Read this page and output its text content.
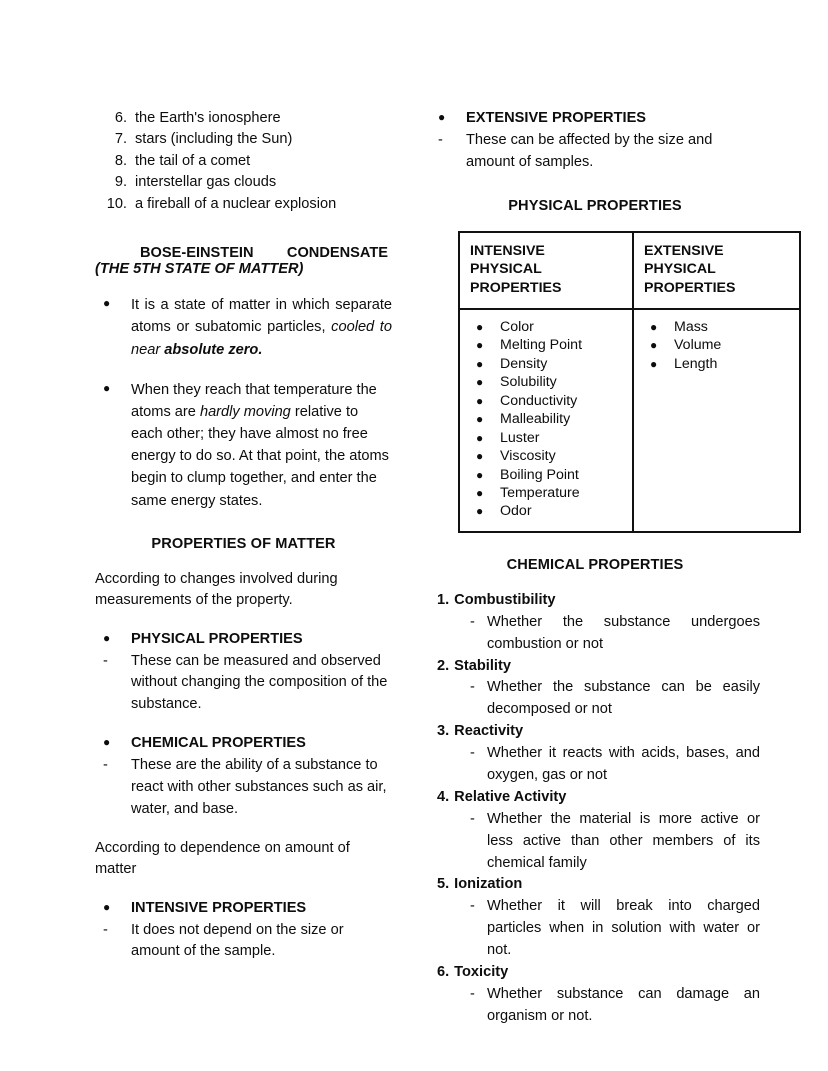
6. the Earth's ionosphere
7. stars (including the Sun)
8. the tail of a comet
9. interstellar gas clouds
10. a fireball of a nuclear explosion
BOSE-EINSTEIN CONDENSATE

(THE 5TH STATE OF MATTER)

●	It is a state of matter in which separate atoms or subatomic particles, cooled to near absolute zero.
●	When they reach that temperature the atoms are hardly moving relative to each other; they have almost no free energy to do so. At that point, the atoms begin to clump together, and enter the same energy states.

PROPERTIES OF MATTER

According to changes involved during measurements of the property.

●	PHYSICAL PROPERTIES
-	These can be measured and observed without changing the composition of the substance.
●	CHEMICAL PROPERTIES
-	These are the ability of a substance to react with other substances such as air, water, and base.

According to dependence on amount of matter

●	INTENSIVE PROPERTIES
-	It does not depend on the size or amount of the sample.
●	EXTENSIVE PROPERTIES
-	These can be affected by the size and amount of samples.

PHYSICAL PROPERTIES

INTENSIVE
PHYSICAL
PROPERTIES

EXTENSIVE
PHYSICAL
PROPERTIES

●	Color
●	Melting Point
●	Density
●	Solubility
●	Conductivity
●	Malleability
●	Luster
●	Viscosity
●	Boiling Point
●	Temperature
●	Odor

●	Mass
●	Volume
●	Length

CHEMICAL PROPERTIES

1. Combustibility
- Whether the substance undergoes combustion or not
2. Stability
- Whether the substance can be easily decomposed or not
3. Reactivity
- Whether it reacts with acids, bases, and oxygen, gas or not
4. Relative Activity
- Whether the material is more active or less active than other members of its chemical family
5. Ionization
- Whether it will break into charged particles when in solution with water or not.
6. Toxicity
- Whether substance can damage an organism or not.
